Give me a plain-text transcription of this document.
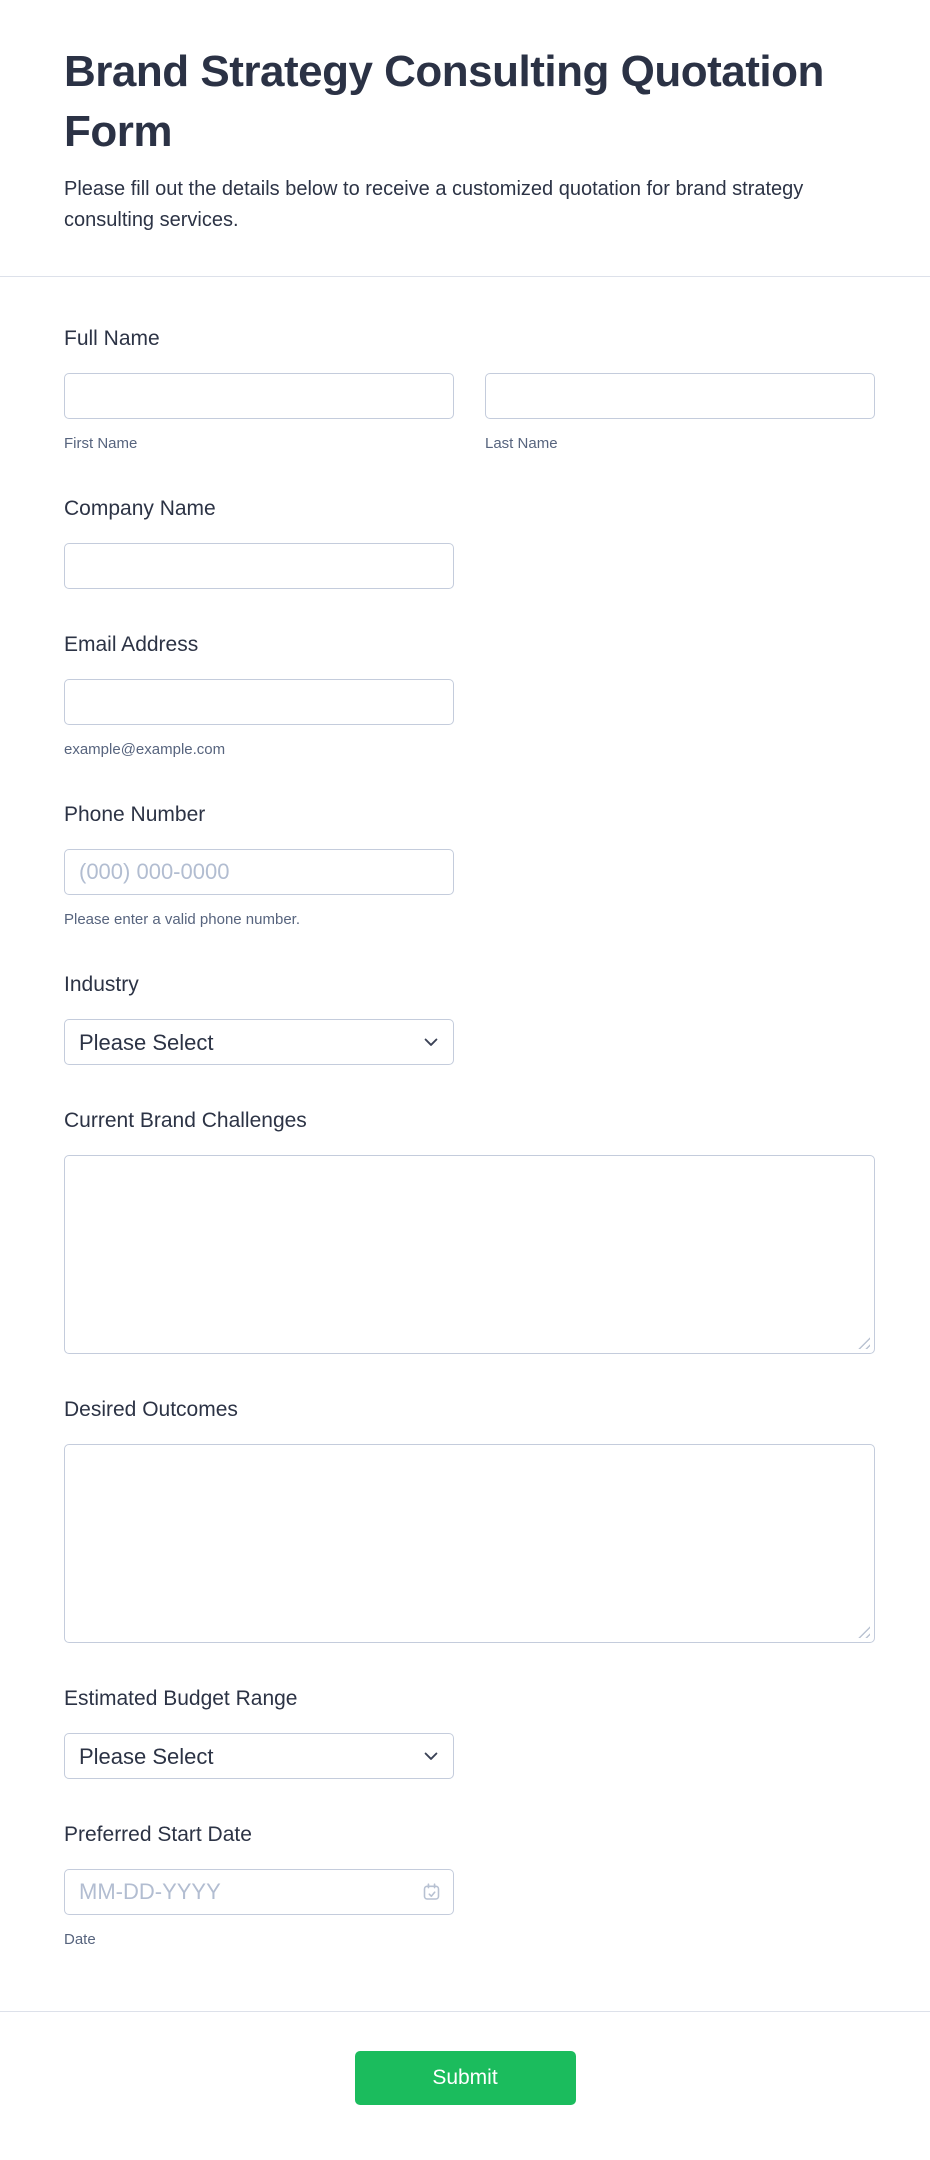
Brand Strategy Consulting Quotation Form

Please fill out the details below to receive a customized quotation for brand strategy consulting services.

Full Name
First Name	Last Name
Company Name
Email Address
example@example.com
Phone Number
(000) 000-0000
Please enter a valid phone number.
Industry
Please Select
Current Brand Challenges
Desired Outcomes
Estimated Budget Range
Please Select
Preferred Start Date
MM-DD-YYYY
Date
Submit
